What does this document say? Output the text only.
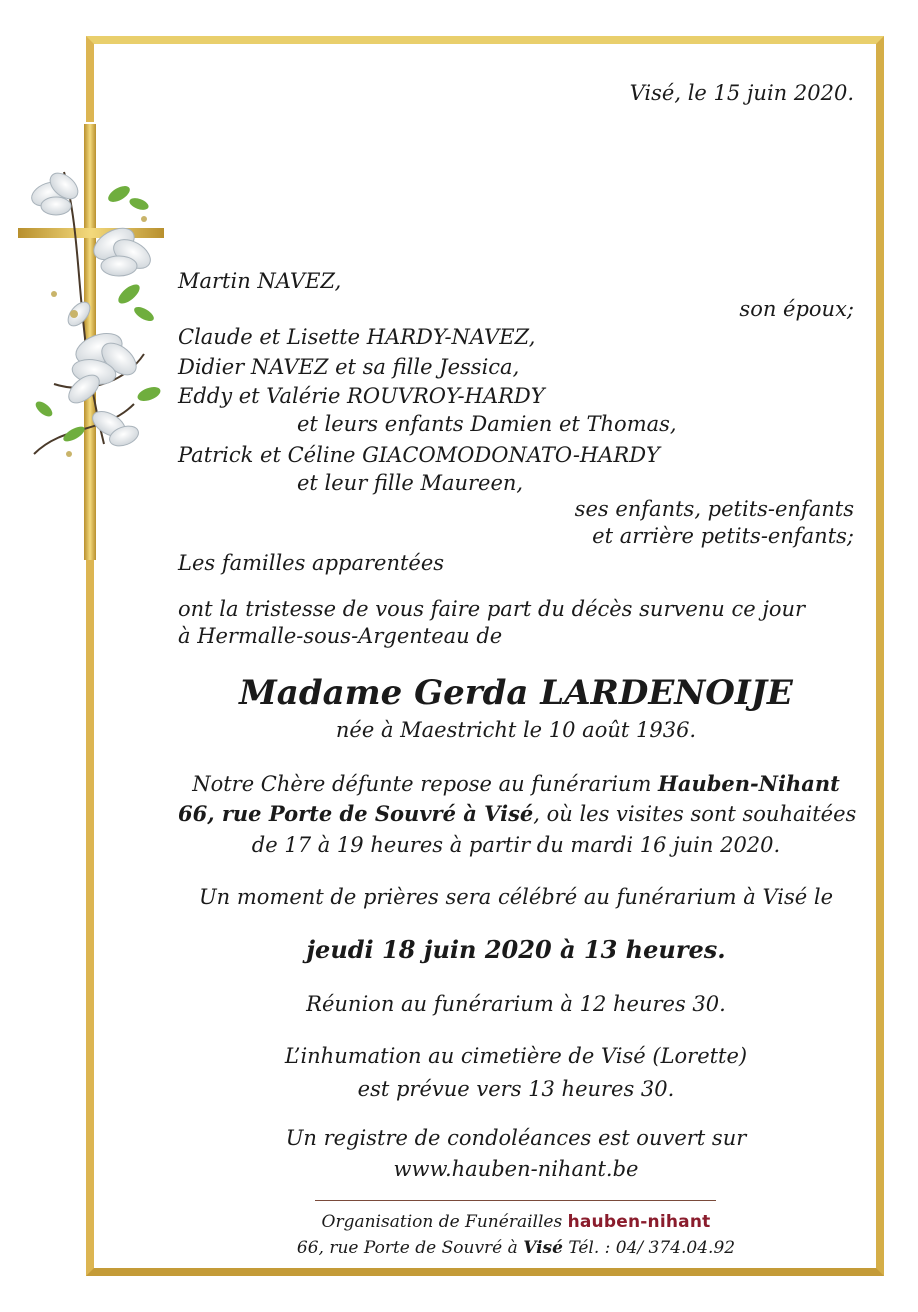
Visé, le 15 juin 2020.
Martin NAVEZ,
son époux;
Claude et Lisette HARDY-NAVEZ,
Didier NAVEZ et sa fille Jessica,
Eddy et Valérie ROUVROY-HARDY
et leurs enfants Damien et Thomas,
Patrick et Céline GIACOMODONATO-HARDY
et leur fille Maureen,
ses enfants, petits-enfants
et arrière petits-enfants;
Les familles apparentées
ont la tristesse de vous faire part du décès survenu ce jour
à Hermalle-sous-Argenteau de
Madame Gerda LARDENOIJE
née à Maestricht le 10 août 1936.
Notre Chère défunte repose au funérarium Hauben-Nihant
66, rue Porte de Souvré à Visé, où les visites sont souhaitées
de 17 à 19 heures à partir du mardi 16 juin 2020.
Un moment de prières sera célébré au funérarium à Visé le
jeudi 18 juin 2020 à 13 heures.
Réunion au funérarium à 12 heures 30.
L’inhumation au cimetière de Visé (Lorette)
est prévue vers 13 heures 30.
Un registre de condoléances est ouvert sur
www.hauben-nihant.be
Organisation de Funérailles hauben-nihant
66, rue Porte de Souvré à Visé Tél. : 04/ 374.04.92
